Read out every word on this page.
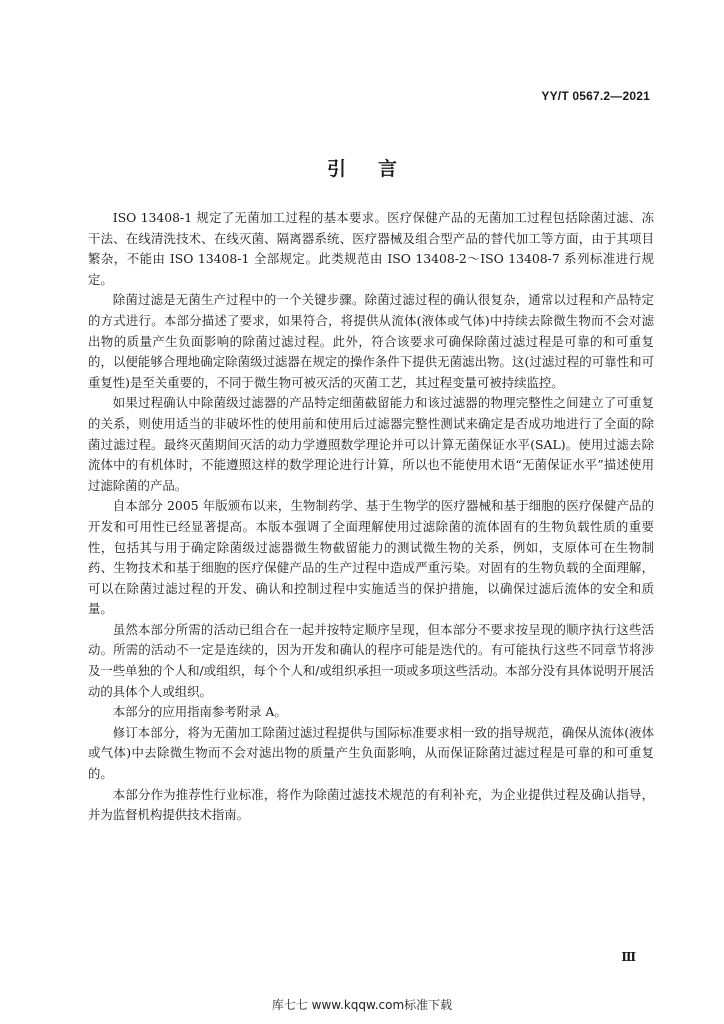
YY/T 0567.2—2021
引言

ISO 13408-1 规定了无菌加工过程的基本要求。医疗保健产品的无菌加工过程包括除菌过滤、冻干法、在线清洗技术、在线灭菌、隔离器系统、医疗器械及组合型产品的替代加工等方面，由于其项目繁杂，不能由 ISO 13408-1 全部规定。此类规范由 ISO 13408-2～ISO 13408-7 系列标准进行规定。

除菌过滤是无菌生产过程中的一个关键步骤。除菌过滤过程的确认很复杂，通常以过程和产品特定的方式进行。本部分描述了要求，如果符合，将提供从流体(液体或气体)中持续去除微生物而不会对滤出物的质量产生负面影响的除菌过滤过程。此外，符合该要求可确保除菌过滤过程是可靠的和可重复的，以便能够合理地确定除菌级过滤器在规定的操作条件下提供无菌滤出物。这(过滤过程的可靠性和可重复性)是至关重要的，不同于微生物可被灭活的灭菌工艺，其过程变量可被持续监控。

如果过程确认中除菌级过滤器的产品特定细菌截留能力和该过滤器的物理完整性之间建立了可重复的关系，则使用适当的非破坏性的使用前和使用后过滤器完整性测试来确定是否成功地进行了全面的除菌过滤过程。最终灭菌期间灭活的动力学遵照数学理论并可以计算无菌保证水平(SAL)。使用过滤去除流体中的有机体时，不能遵照这样的数学理论进行计算，所以也不能使用术语“无菌保证水平”描述使用过滤除菌的产品。

自本部分 2005 年版颁布以来，生物制药学、基于生物学的医疗器械和基于细胞的医疗保健产品的开发和可用性已经显著提高。本版本强调了全面理解使用过滤除菌的流体固有的生物负载性质的重要性，包括其与用于确定除菌级过滤器微生物截留能力的测试微生物的关系，例如，支原体可在生物制药、生物技术和基于细胞的医疗保健产品的生产过程中造成严重污染。对固有的生物负载的全面理解，可以在除菌过滤过程的开发、确认和控制过程中实施适当的保护措施，以确保过滤后流体的安全和质量。

虽然本部分所需的活动已组合在一起并按特定顺序呈现，但本部分不要求按呈现的顺序执行这些活动。所需的活动不一定是连续的，因为开发和确认的程序可能是迭代的。有可能执行这些不同章节将涉及一些单独的个人和/或组织，每个个人和/或组织承担一项或多项这些活动。本部分没有具体说明开展活动的具体个人或组织。

本部分的应用指南参考附录 A。

修订本部分，将为无菌加工除菌过滤过程提供与国际标准要求相一致的指导规范，确保从流体(液体或气体)中去除微生物而不会对滤出物的质量产生负面影响，从而保证除菌过滤过程是可靠的和可重复的。

本部分作为推荐性行业标准，将作为除菌过滤技术规范的有利补充，为企业提供过程及确认指导，并为监督机构提供技术指南。

Ⅲ
库七七 www.kqqw.com标准下载
